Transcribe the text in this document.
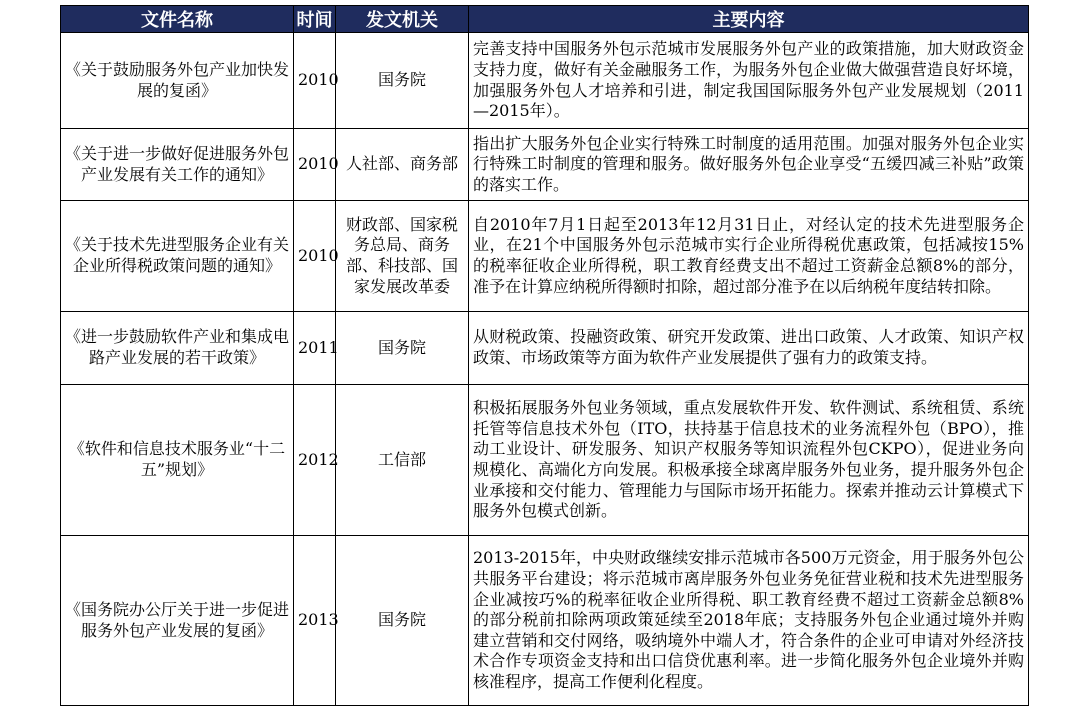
文件名称	时间	发文机关	主要内容
《关于鼓励服务外包产业加快发展的复函》	2010	国务院	完善支持中国服务外包示范城市发展服务外包产业的政策措施，加大财政资金支持力度，做好有关金融服务工作，为服务外包企业做大做强营造良好坏境，加强服务外包人才培养和引进，制定我国国际服务外包产业发展规划（2011—2015年）。
《关于进一步做好促进服务外包产业发展有关工作的通知》	2010	人社部、商务部	指出扩大服务外包企业实行特殊工时制度的适用范围。加强对服务外包企业实行特殊工时制度的管理和服务。做好服务外包企业享受“五缓四减三补贴”政策的落实工作。
《关于技术先进型服务企业有关企业所得税政策问题的通知》	2010	财政部、国家税务总局、商务部、科技部、国家发展改革委	自2010年7月1日起至2013年12月31日止，对经认定的技术先进型服务企业，在21个中国服务外包示范城市实行企业所得税优惠政策，包括减按15%的税率征收企业所得税，职工教育经费支出不超过工资薪金总额8%的部分，准予在计算应纳税所得额时扣除，超过部分准予在以后纳税年度结转扣除。
《进一步鼓励软件产业和集成电路产业发展的若干政策》	2011	国务院	从财税政策、投融资政策、研究开发政策、进出口政策、人才政策、知识产权政策、市场政策等方面为软件产业发展提供了强有力的政策支持。
《软件和信息技术服务业“十二五”规划》	2012	工信部	积极拓展服务外包业务领域，重点发展软件开发、软件测试、系统租赁、系统托管等信息技术外包（ITO，扶持基于信息技术的业务流程外包（BPO），推动工业设计、研发服务、知识产权服务等知识流程外包CKPO），促进业务向规模化、高端化方向发展。积极承接全球离岸服务外包业务，提升服务外包企业承接和交付能力、管理能力与国际市场开拓能力。探索并推动云计算模式下服务外包模式创新。
《国务院办公厅关于进一步促进服务外包产业发展的复函》	2013	国务院	2013-2015年，中央财政继续安排示范城市各500万元资金，用于服务外包公共服务平台建设；将示范城市离岸服务外包业务免征营业税和技术先进型服务企业减按巧%的税率征收企业所得税、职工教育经费不超过工资薪金总额8%的部分税前扣除两项政策延续至2018年底；支持服务外包企业通过境外并购建立营销和交付网络，吸纳境外中端人才，符合条件的企业可申请对外经济技术合作专项资金支持和出口信贷优惠利率。进一步简化服务外包企业境外并购核准程序，提高工作便利化程度。
